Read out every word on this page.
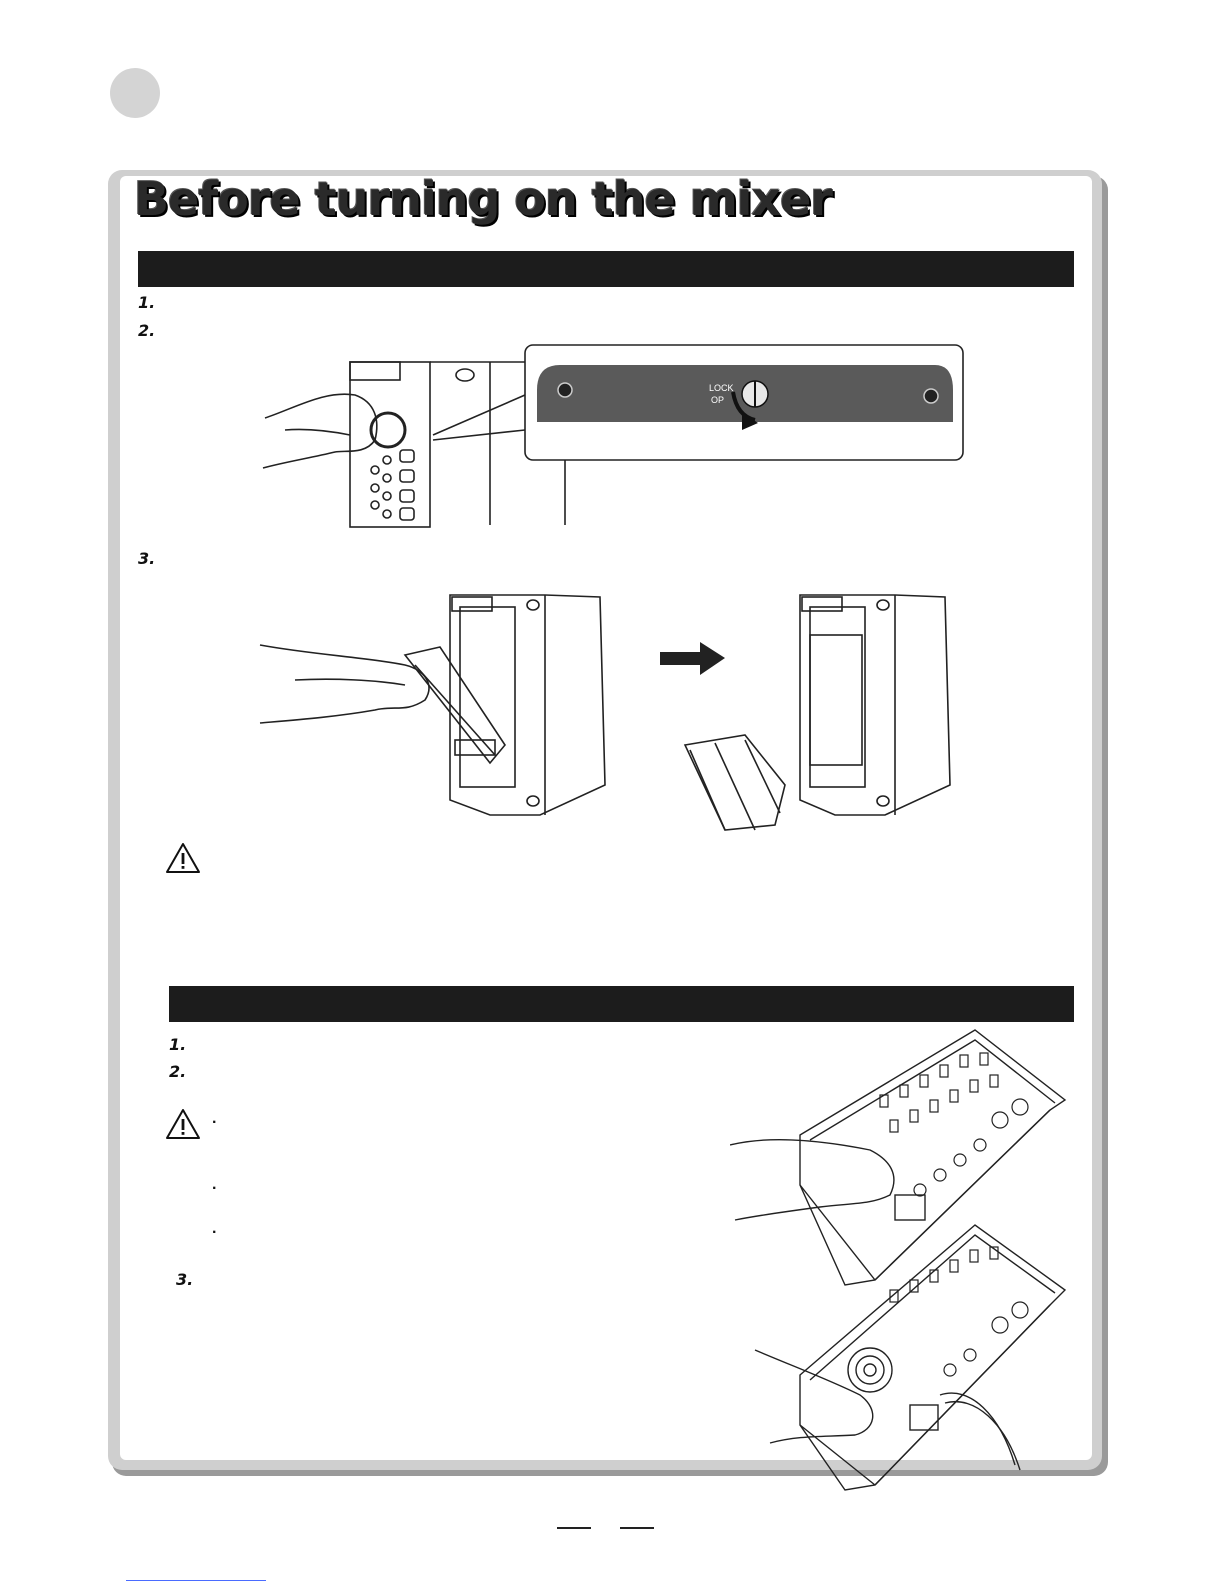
Before turning on the mixer
1.
2.
LOCK
OP
3.
1.
2.
·
·
·
3.
